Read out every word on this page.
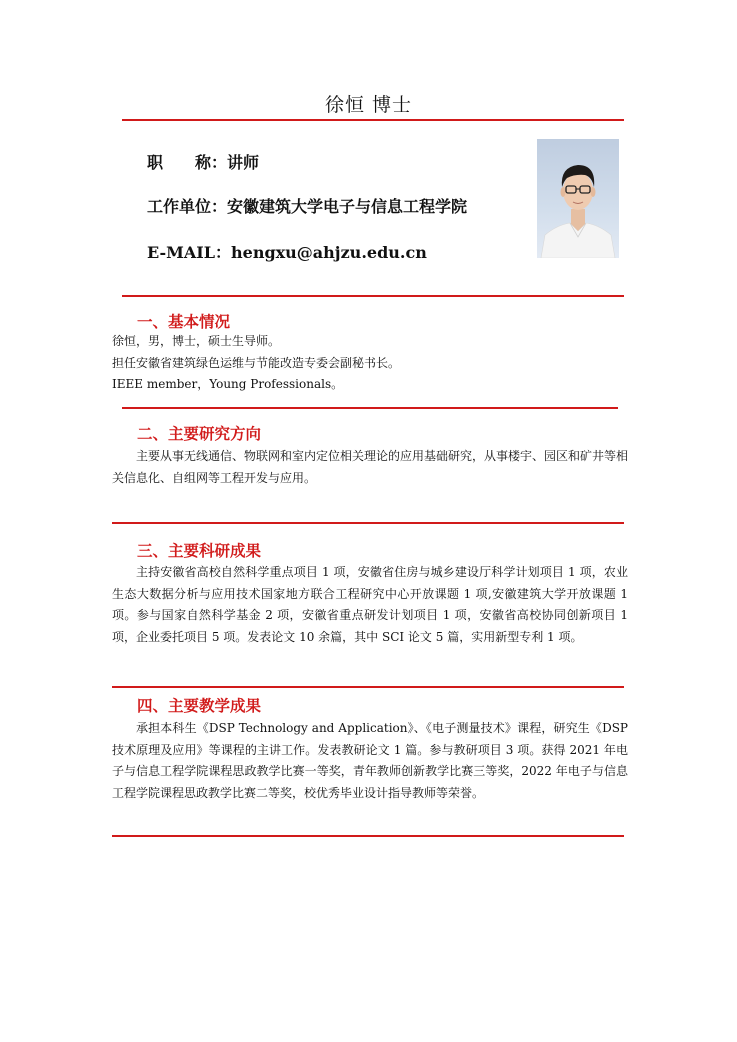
徐恒 博士
职　　称：讲师
工作单位：安徽建筑大学电子与信息工程学院
E-MAIL：hengxu@ahjzu.edu.cn
一、基本情况
徐恒，男，博士，硕士生导师。
担任安徽省建筑绿色运维与节能改造专委会副秘书长。
IEEE member，Young Professionals。
二、主要研究方向
主要从事无线通信、物联网和室内定位相关理论的应用基础研究，从事楼宇、园区和矿井等相关信息化、自组网等工程开发与应用。
三、主要科研成果
主持安徽省高校自然科学重点项目 1 项，安徽省住房与城乡建设厅科学计划项目 1 项，农业生态大数据分析与应用技术国家地方联合工程研究中心开放课题 1 项,安徽建筑大学开放课题 1 项。参与国家自然科学基金 2 项，安徽省重点研发计划项目 1 项，安徽省高校协同创新项目 1 项，企业委托项目 5 项。发表论文 10 余篇，其中 SCI 论文 5 篇，实用新型专利 1 项。
四、主要教学成果
承担本科生《DSP Technology and Application》、《电子测量技术》课程，研究生《DSP 技术原理及应用》等课程的主讲工作。发表教研论文 1 篇。参与教研项目 3 项。获得 2021 年电子与信息工程学院课程思政教学比赛一等奖，青年教师创新教学比赛三等奖，2022 年电子与信息工程学院课程思政教学比赛二等奖，校优秀毕业设计指导教师等荣誉。
